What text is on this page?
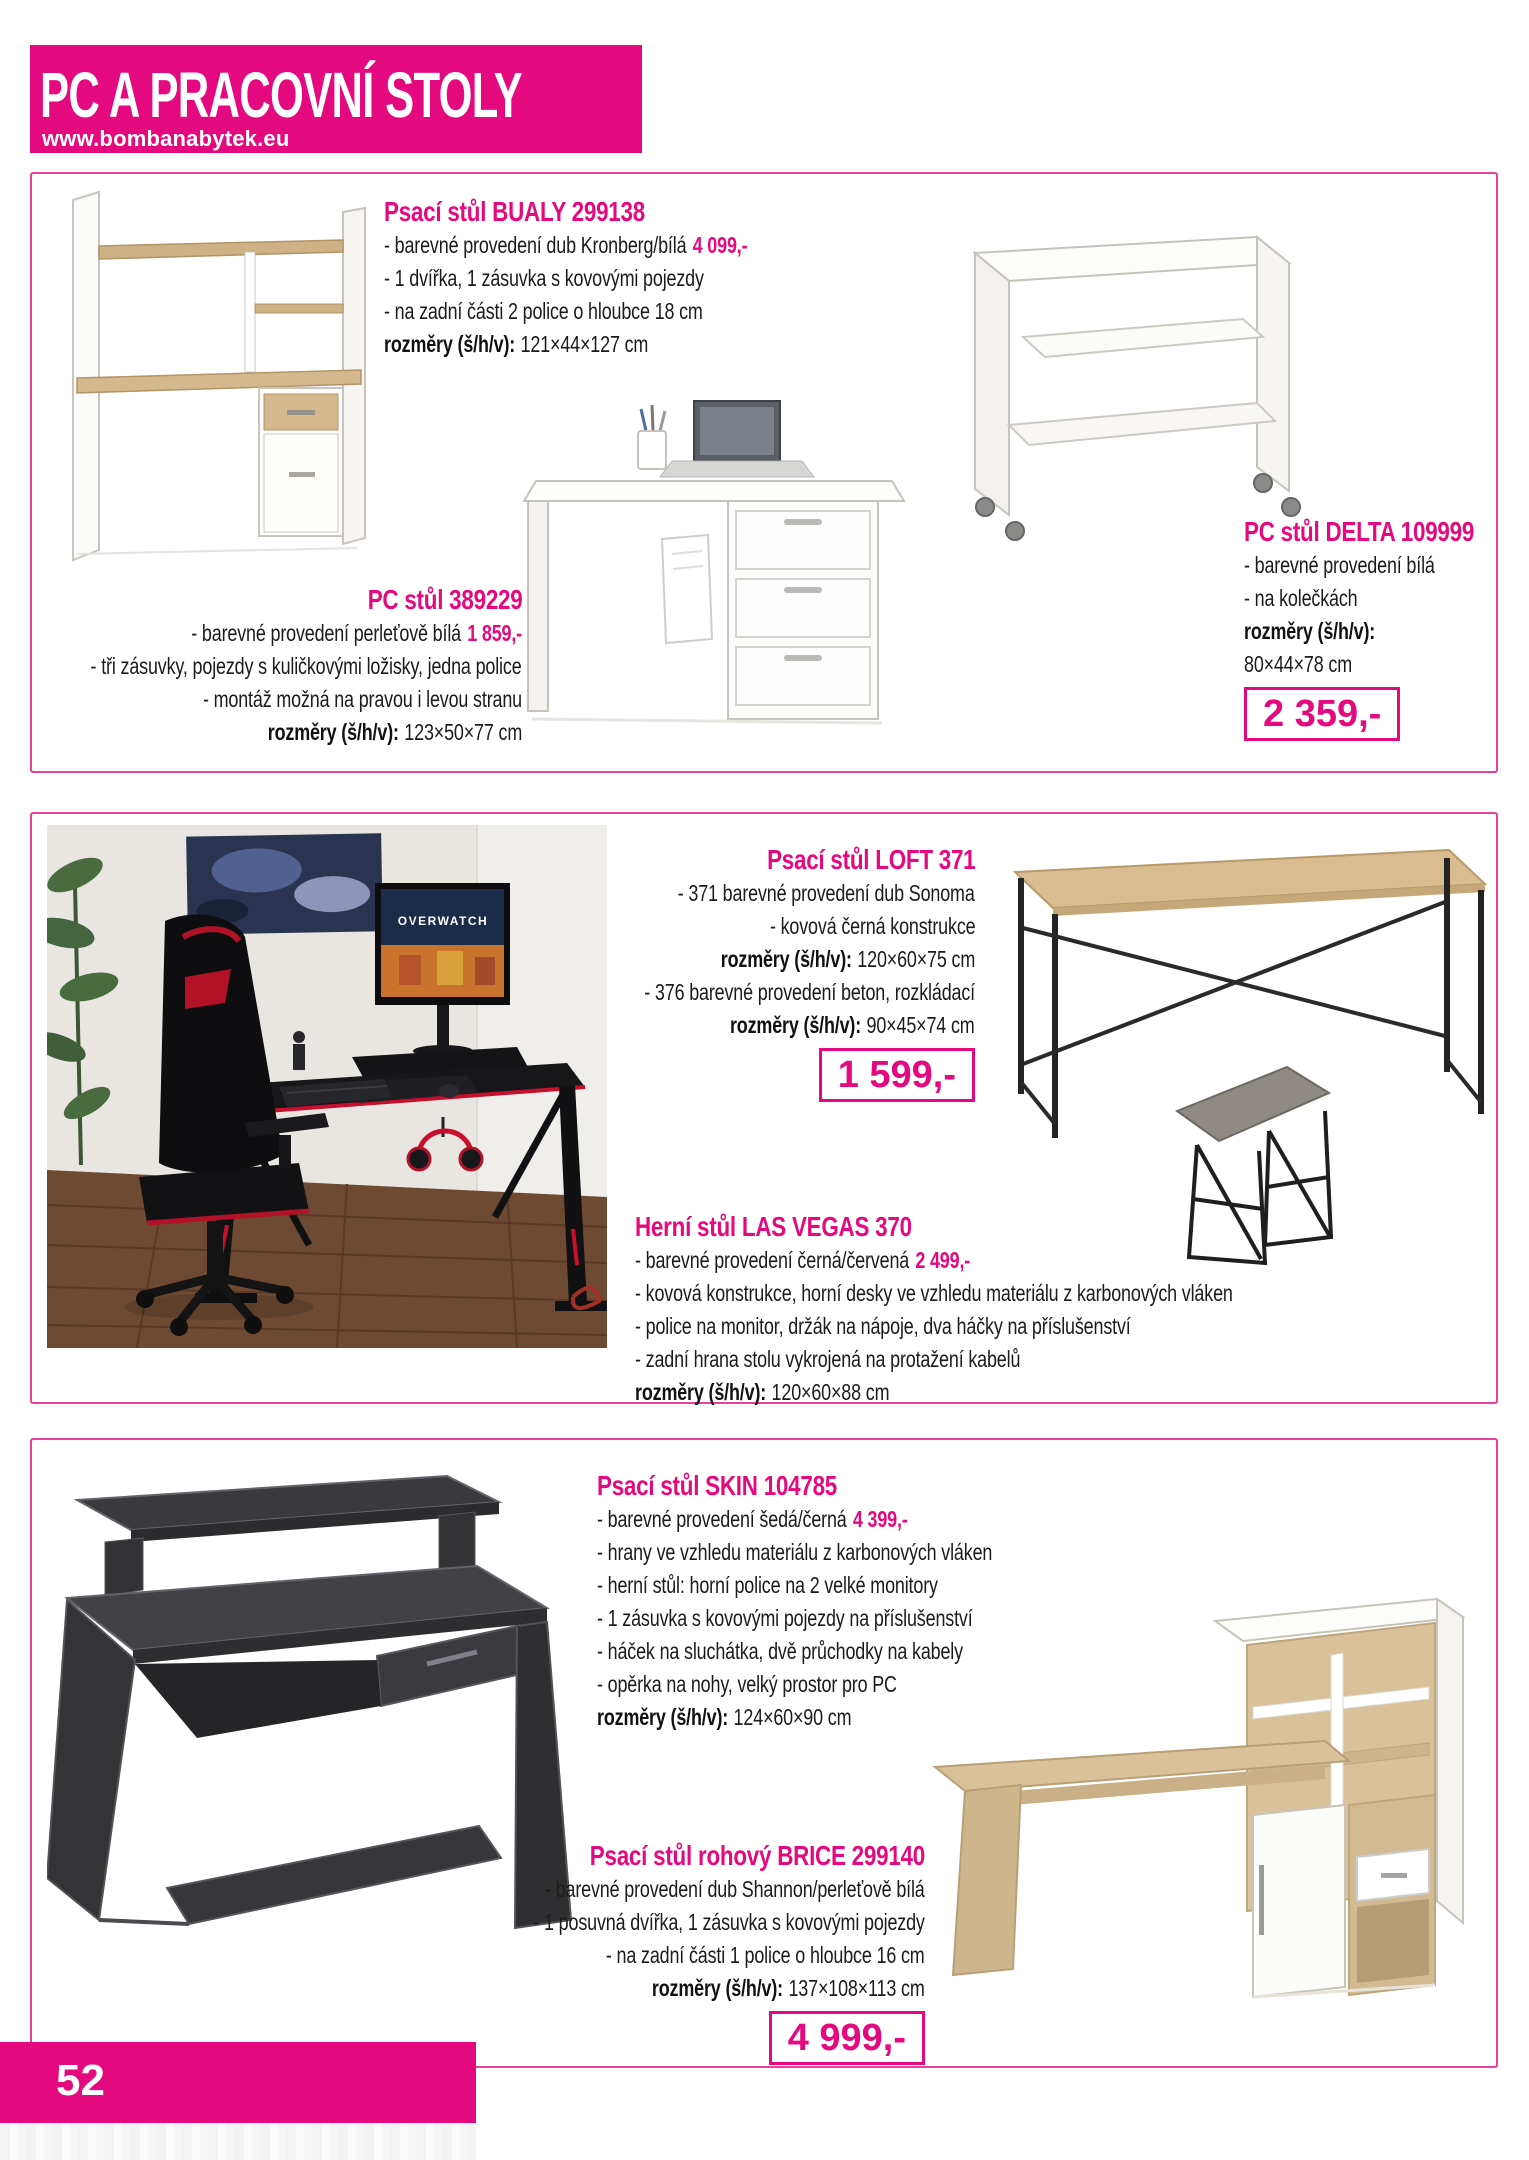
PC A PRACOVNÍ STOLY
www.bombanabytek.eu
Psací stůl BUALY 299138
- barevné provedení dub Kronberg/bílá 4 099,-
- 1 dvířka, 1 zásuvka s kovovými pojezdy
- na zadní části 2 police o hloubce 18 cm
rozměry (š/h/v): 121×44×127 cm
PC stůl 389229
- barevné provedení perleťově bílá 1 859,-
- tři zásuvky, pojezdy s kuličkovými ložisky, jedna police
- montáž možná na pravou i levou stranu
rozměry (š/h/v): 123×50×77 cm
PC stůl DELTA 109999
- barevné provedení bílá
- na kolečkách
rozměry (š/h/v):
80×44×78 cm
2 359,-
OVERWATCH
Psací stůl LOFT 371
- 371 barevné provedení dub Sonoma
- kovová černá konstrukce
rozměry (š/h/v): 120×60×75 cm
- 376 barevné provedení beton, rozkládací
rozměry (š/h/v): 90×45×74 cm
1 599,-
Herní stůl LAS VEGAS 370
- barevné provedení černá/červená 2 499,-
- kovová konstrukce, horní desky ve vzhledu materiálu z karbonových vláken
- police na monitor, držák na nápoje, dva háčky na příslušenství
- zadní hrana stolu vykrojená na protažení kabelů
rozměry (š/h/v): 120×60×88 cm
Psací stůl SKIN 104785
- barevné provedení šedá/černá 4 399,-
- hrany ve vzhledu materiálu z karbonových vláken
- herní stůl: horní police na 2 velké monitory
- 1 zásuvka s kovovými pojezdy na příslušenství
- háček na sluchátka, dvě průchodky na kabely
- opěrka na nohy, velký prostor pro PC
rozměry (š/h/v): 124×60×90 cm
Psací stůl rohový BRICE 299140
- barevné provedení dub Shannon/perleťově bílá
- 1 posuvná dvířka, 1 zásuvka s kovovými pojezdy
- na zadní části 1 police o hloubce 16 cm
rozměry (š/h/v): 137×108×113 cm
4 999,-
52
